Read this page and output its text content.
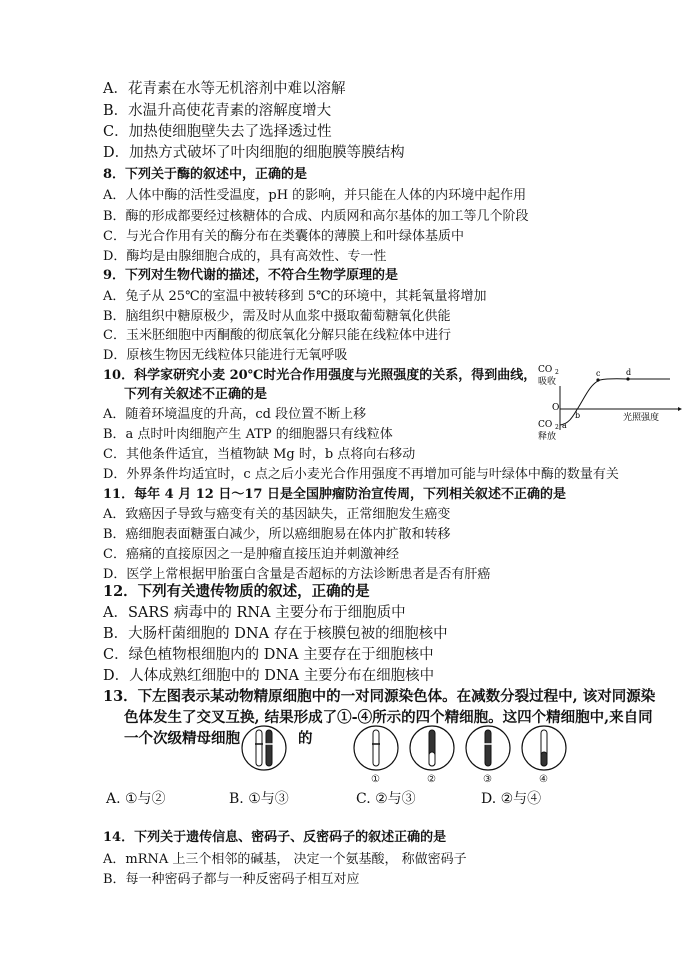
A．花青素在水等无机溶剂中难以溶解
B．水温升高使花青素的溶解度增大
C．加热使细胞壁失去了选择透过性
D．加热方式破坏了叶肉细胞的细胞膜等膜结构
8．下列关于酶的叙述中，正确的是
A．人体中酶的活性受温度，pH 的影响，并只能在人体的内环境中起作用
B．酶的形成都要经过核糖体的合成、内质网和高尔基体的加工等几个阶段
C．与光合作用有关的酶分布在类囊体的薄膜上和叶绿体基质中
D．酶均是由腺细胞合成的，具有高效性、专一性
9．下列对生物代谢的描述，不符合生物学原理的是
A．兔子从 25℃的室温中被转移到 5℃的环境中，其耗氧量将增加
B．脑组织中糖原极少，需及时从血浆中摄取葡萄糖氧化供能
C．玉米胚细胞中丙酮酸的彻底氧化分解只能在线粒体中进行
D．原核生物因无线粒体只能进行无氧呼吸
10．科学家研究小麦 20℃时光合作用强度与光照强度的关系，得到曲线，
下列有关叙述不正确的是
A．随着环境温度的升高，cd 段位置不断上移
B．a 点时叶肉细胞产生 ATP 的细胞器只有线粒体
C．其他条件适宜，当植物缺 Mg 时，b 点将向右移动
D．外界条件均适宜时，c 点之后小麦光合作用强度不再增加可能与叶绿体中酶的数量有关
CO 2
吸收
O
CO 2
释放
光照强度
a
b
c	d
11．每年 4 月 12 日～17 日是全国肿瘤防治宣传周，下列相关叙述不正确的是
A．致癌因子导致与癌变有关的基因缺失，正常细胞发生癌变
B．癌细胞表面糖蛋白减少，所以癌细胞易在体内扩散和转移
C．癌痛的直接原因之一是肿瘤直接压迫并刺激神经
D．医学上常根据甲胎蛋白含量是否超标的方法诊断患者是否有肝癌
12．下列有关遗传物质的叙述，正确的是
A．SARS 病毒中的 RNA 主要分布于细胞质中
B．大肠杆菌细胞的 DNA 存在于核膜包被的细胞核中
C．绿色植物根细胞内的 DNA 主要存在于细胞核中
D．人体成熟红细胞中的 DNA 主要分布在细胞核中
13．下左图表示某动物精原细胞中的一对同源染色体。在减数分裂过程中, 该对同源染
色体发生了交叉互换, 结果形成了①-④所示的四个精细胞。这四个精细胞中,来自同
一个次级精母细胞	的
①	②	③	④
A. ①与②	B. ①与③	C. ②与③	D. ②与④
14．下列关于遗传信息、密码子、反密码子的叙述正确的是
A．mRNA 上三个相邻的碱基， 决定一个氨基酸， 称做密码子
B．每一种密码子都与一种反密码子相互对应
